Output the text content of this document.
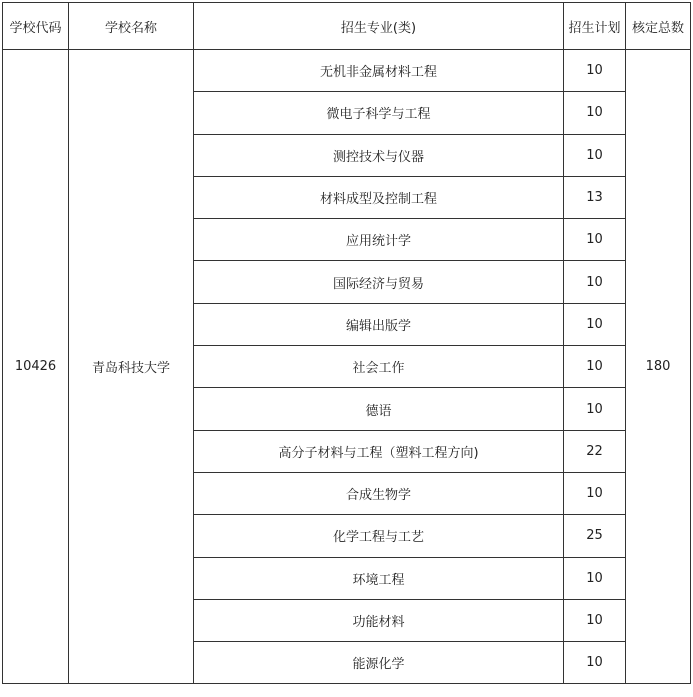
学校代码	学校名称	招生专业(类)	招生计划	核定总数
10426	青岛科技大学	无机非金属材料工程	10	180
		微电子科学与工程	10	
		测控技术与仪器	10	
		材料成型及控制工程	13	
		应用统计学	10	
		国际经济与贸易	10	
		编辑出版学	10	
		社会工作	10	
		德语	10	
		高分子材料与工程（塑料工程方向)	22	
		合成生物学	10	
		化学工程与工艺	25	
		环境工程	10	
		功能材料	10	
		能源化学	10	
